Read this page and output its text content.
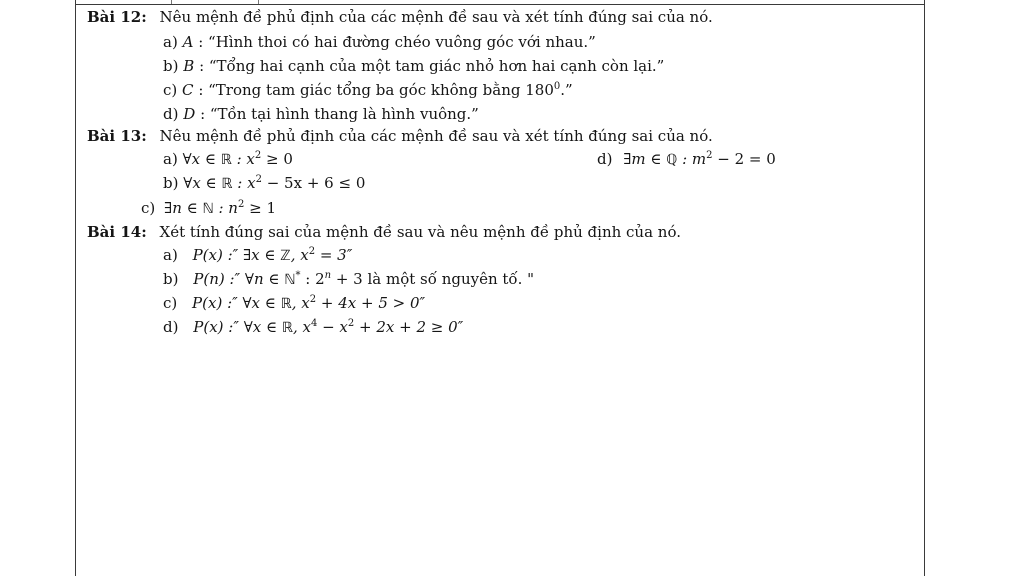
Bài 12: Nêu mệnh đề phủ định của các mệnh đề sau và xét tính đúng sai của nó.
a) A : “Hình thoi có hai đường chéo vuông góc với nhau.”
b) B : “Tổng hai cạnh của một tam giác nhỏ hơn hai cạnh còn lại.”
c) C : “Trong tam giác tổng ba góc không bằng $180^0$.”
d) D : “Tồn tại hình thang là hình vuông.”
Bài 13: Nêu mệnh đề phủ định của các mệnh đề sau và xét tính đúng sai của nó.
a) ∀x ∈ ℝ : $x^2 \ge 0$	d) ∃m ∈ ℚ : $m^2 - 2 = 0$
b) ∀x ∈ ℝ : $x^2 - 5x + 6 \le 0$
c) ∃n ∈ ℕ : $n^2 \ge 1$
Bài 14: Xét tính đúng sai của mệnh đề sau và nêu mệnh đề phủ định của nó.
a) P(x) :″ ∃x ∈ ℤ, $x^2 = 3''$
b) P(n) :″ ∀n ∈ ℕ* : $2^n + 3$ là một số nguyên tố. "
c) P(x) :″ ∀x ∈ ℝ, $x^2 + 4x + 5 > 0''$
d) P(x) :″ ∀x ∈ ℝ, $x^4 - x^2 + 2x + 2 \ge 0''$
